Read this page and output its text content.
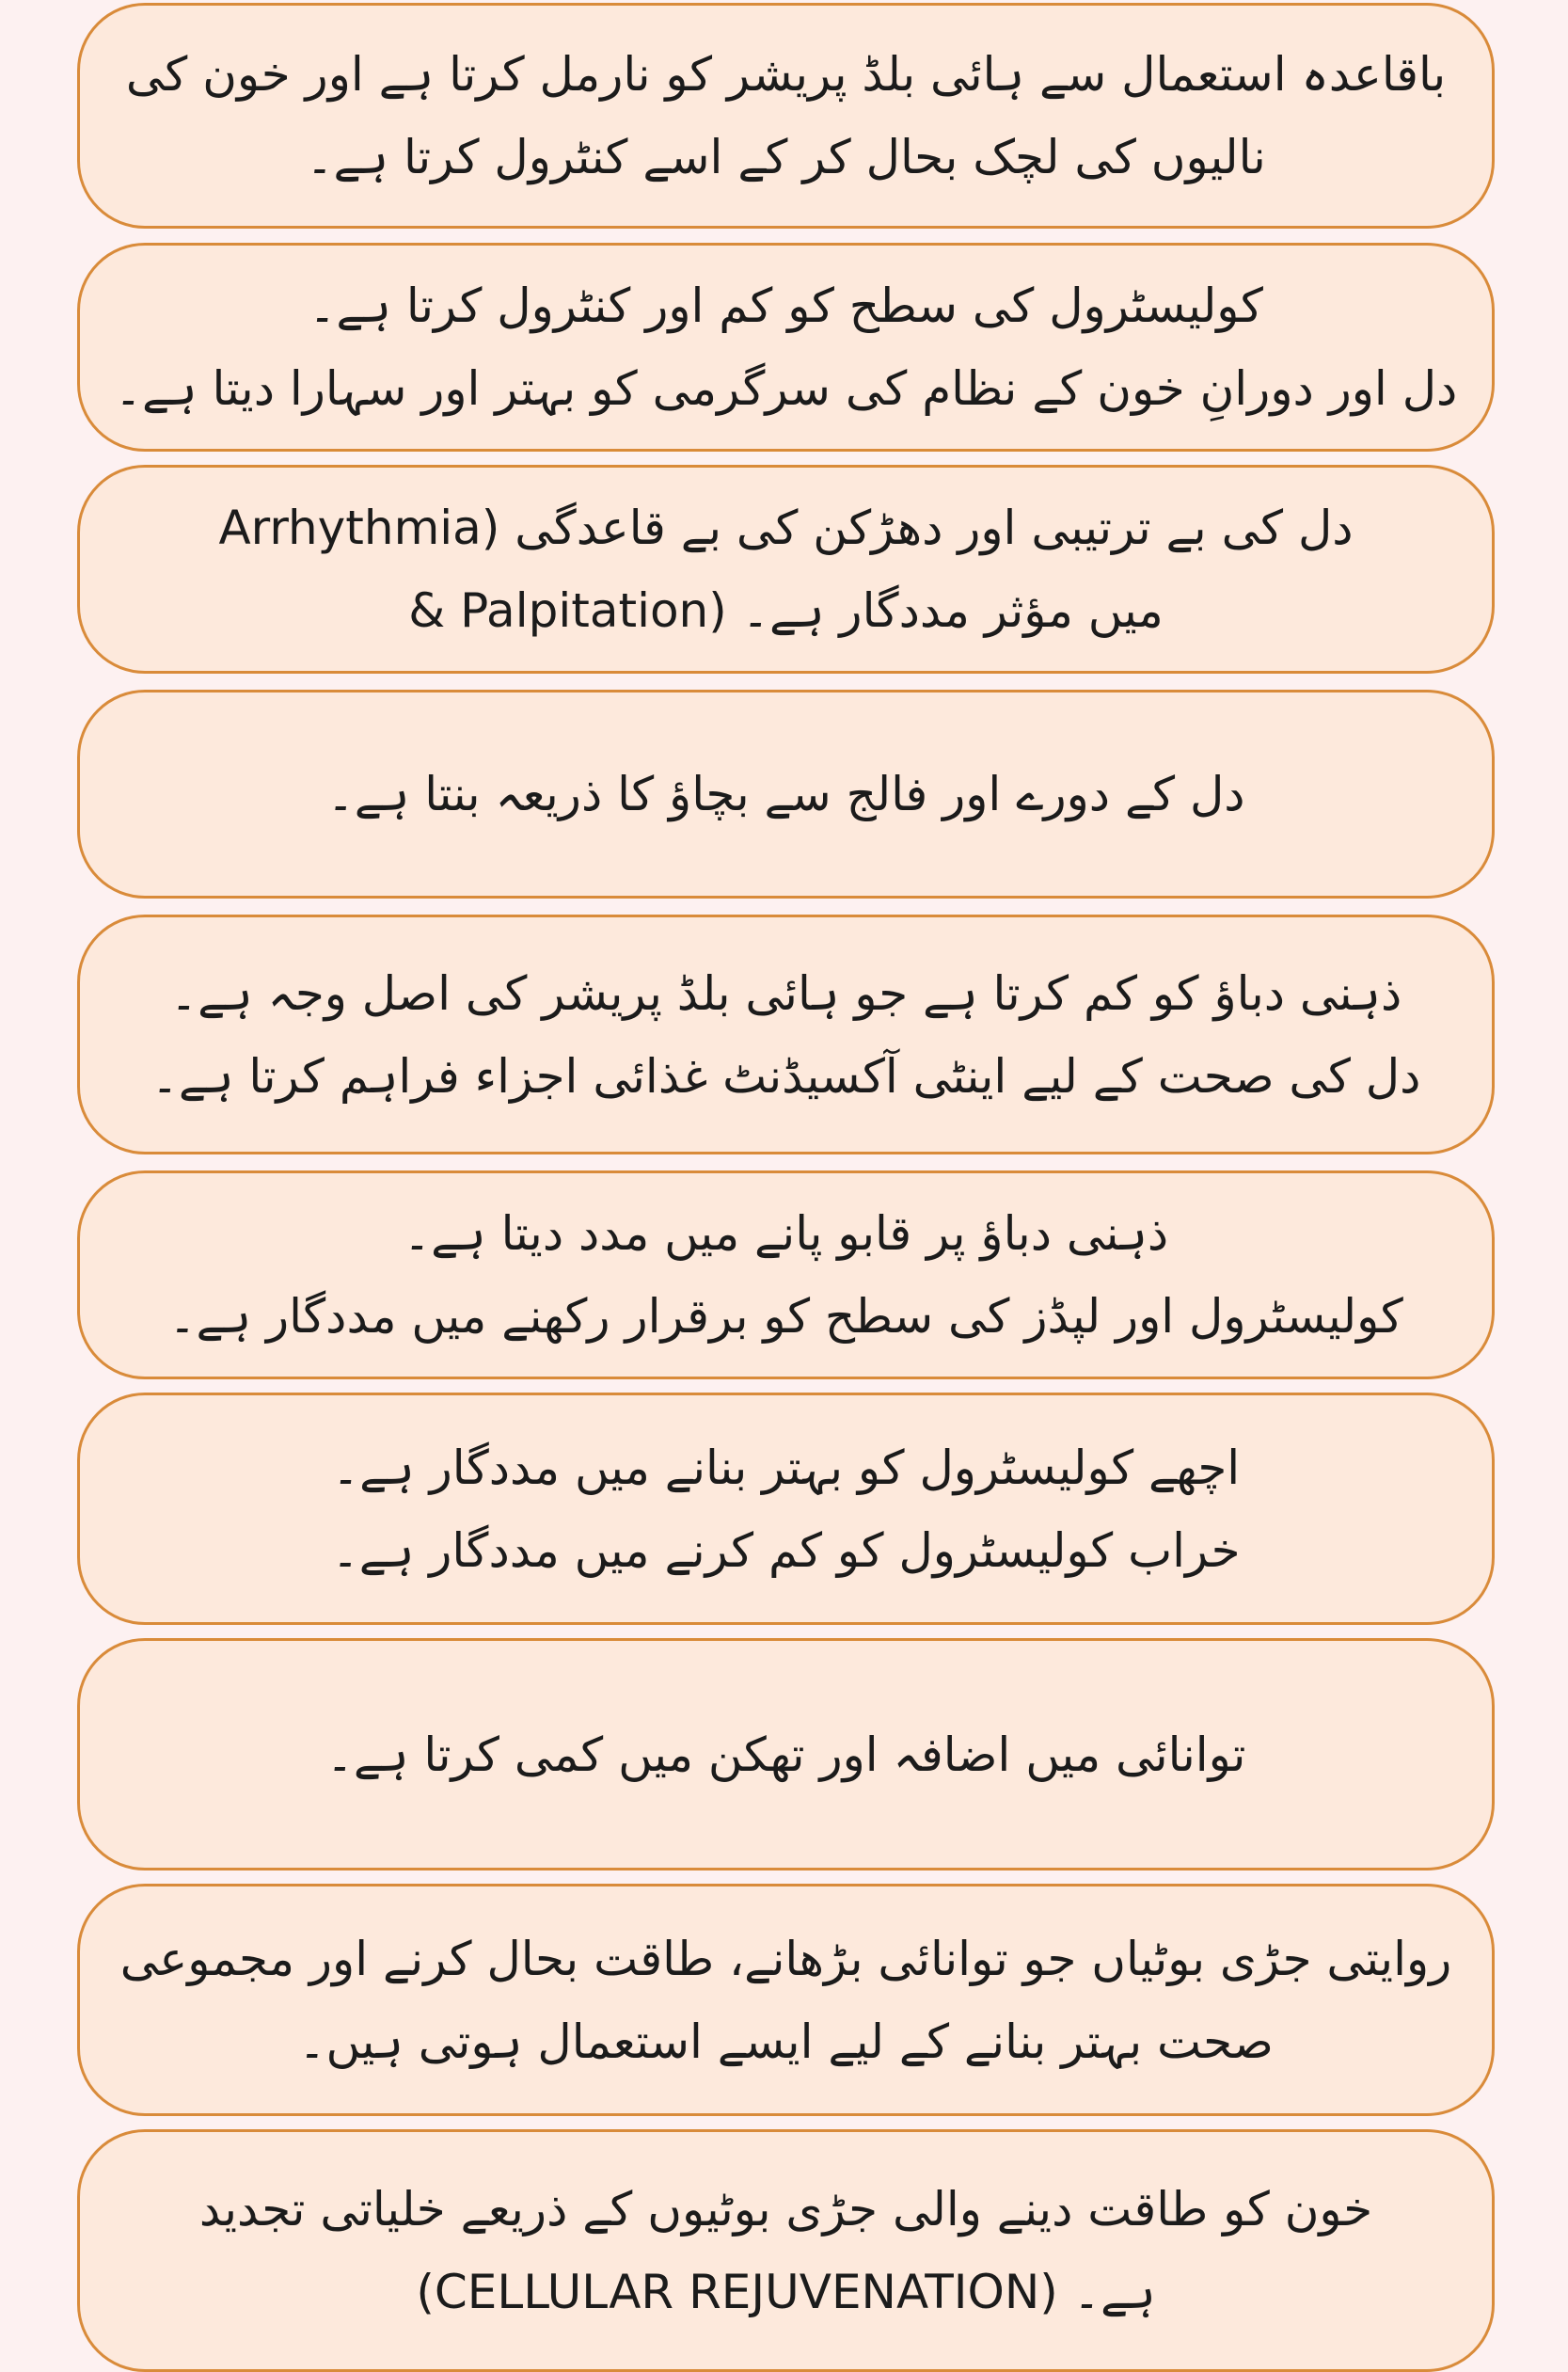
باقاعدہ استعمال سے ہائی بلڈ پریشر کو نارمل کرتا ہے اور خون کی
نالیوں کی لچک بحال کر کے اسے کنٹرول کرتا ہے۔
کولیسٹرول کی سطح کو کم اور کنٹرول کرتا ہے۔
دل اور دورانِ خون کے نظام کی سرگرمی کو بہتر اور سہارا دیتا ہے۔
دل کی بے ترتیبی اور دھڑکن کی بے قاعدگی (Arrhythmia
& Palpitation) میں مؤثر مددگار ہے۔
دل کے دورے اور فالج سے بچاؤ کا ذریعہ بنتا ہے۔
ذہنی دباؤ کو کم کرتا ہے جو ہائی بلڈ پریشر کی اصل وجہ ہے۔
دل کی صحت کے لیے اینٹی آکسیڈنٹ غذائی اجزاء فراہم کرتا ہے۔
ذہنی دباؤ پر قابو پانے میں مدد دیتا ہے۔
کولیسٹرول اور لپڈز کی سطح کو برقرار رکھنے میں مددگار ہے۔
اچھے کولیسٹرول کو بہتر بنانے میں مددگار ہے۔
خراب کولیسٹرول کو کم کرنے میں مددگار ہے۔
توانائی میں اضافہ اور تھکن میں کمی کرتا ہے۔
روایتی جڑی بوٹیاں جو توانائی بڑھانے، طاقت بحال کرنے اور مجموعی
صحت بہتر بنانے کے لیے ایسے استعمال ہوتی ہیں۔
خون کو طاقت دینے والی جڑی بوٹیوں کے ذریعے خلیاتی تجدید
(CELLULAR REJUVENATION) ہے۔
